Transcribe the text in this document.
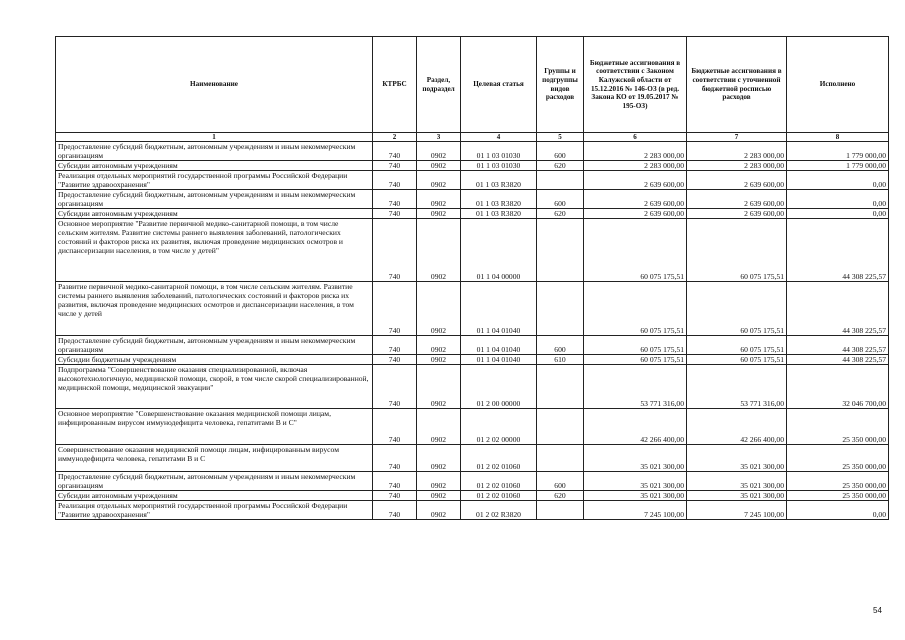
Наименование	КТРБС	Раздел, подраздел	Целевая статья	Группы и подгруппы видов расходов	Бюджетные ассигнования в соответствии с Законом Калужской области от 15.12.2016 № 146-ОЗ (в ред. Закона КО от 19.05.2017 № 195-ОЗ)	Бюджетные ассигнования в соответствии с уточненной бюджетной росписью расходов	Исполнено
1	2	3	4	5	6	7	8
Предоставление субсидий бюджетным, автономным учреждениям и иным некоммерческим организациям	740	0902	01 1 03 01030	600	2 283 000,00	2 283 000,00	1 779 000,00
Субсидии автономным учреждениям	740	0902	01 1 03 01030	620	2 283 000,00	2 283 000,00	1 779 000,00
Реализация отдельных мероприятий государственной программы Российской Федерации "Развитие здравоохранения"	740	0902	01 1 03 R3820		2 639 600,00	2 639 600,00	0,00
Предоставление субсидий бюджетным, автономным учреждениям и иным некоммерческим организациям	740	0902	01 1 03 R3820	600	2 639 600,00	2 639 600,00	0,00
Субсидии автономным учреждениям	740	0902	01 1 03 R3820	620	2 639 600,00	2 639 600,00	0,00
Основное мероприятие "Развитие первичной медико-санитарной помощи, в том числе сельским жителям. Развитие системы раннего выявления заболеваний, патологических состояний и факторов риска их развития, включая проведение медицинских осмотров и диспансеризации населения, в том числе у детей"	740	0902	01 1 04 00000		60 075 175,51	60 075 175,51	44 308 225,57
Развитие первичной медико-санитарной помощи, в том числе сельским жителям. Развитие системы раннего выявления заболеваний, патологических состояний и факторов риска их развития, включая проведение медицинских осмотров и диспансеризации населения, в том числе у детей	740	0902	01 1 04 01040		60 075 175,51	60 075 175,51	44 308 225,57
Предоставление субсидий бюджетным, автономным учреждениям и иным некоммерческим организациям	740	0902	01 1 04 01040	600	60 075 175,51	60 075 175,51	44 308 225,57
Субсидии бюджетным учреждениям	740	0902	01 1 04 01040	610	60 075 175,51	60 075 175,51	44 308 225,57
Подпрограмма "Совершенствование оказания специализированной, включая высокотехнологичную, медицинской помощи, скорой, в том числе скорой специализированной, медицинской помощи, медицинской эвакуации"	740	0902	01 2 00 00000		53 771 316,00	53 771 316,00	32 046 700,00
Основное мероприятие "Совершенствование оказания медицинской помощи лицам, инфицированным вирусом иммунодефицита человека, гепатитами В и С"	740	0902	01 2 02 00000		42 266 400,00	42 266 400,00	25 350 000,00
Совершенствование оказания медицинской помощи лицам, инфицированным вирусом иммунодефицита человека, гепатитами В и С	740	0902	01 2 02 01060		35 021 300,00	35 021 300,00	25 350 000,00
Предоставление субсидий бюджетным, автономным учреждениям и иным некоммерческим организациям	740	0902	01 2 02 01060	600	35 021 300,00	35 021 300,00	25 350 000,00
Субсидии автономным учреждениям	740	0902	01 2 02 01060	620	35 021 300,00	35 021 300,00	25 350 000,00
Реализация отдельных мероприятий государственной программы Российской Федерации "Развитие здравоохранения"	740	0902	01 2 02 R3820		7 245 100,00	7 245 100,00	0,00
54
